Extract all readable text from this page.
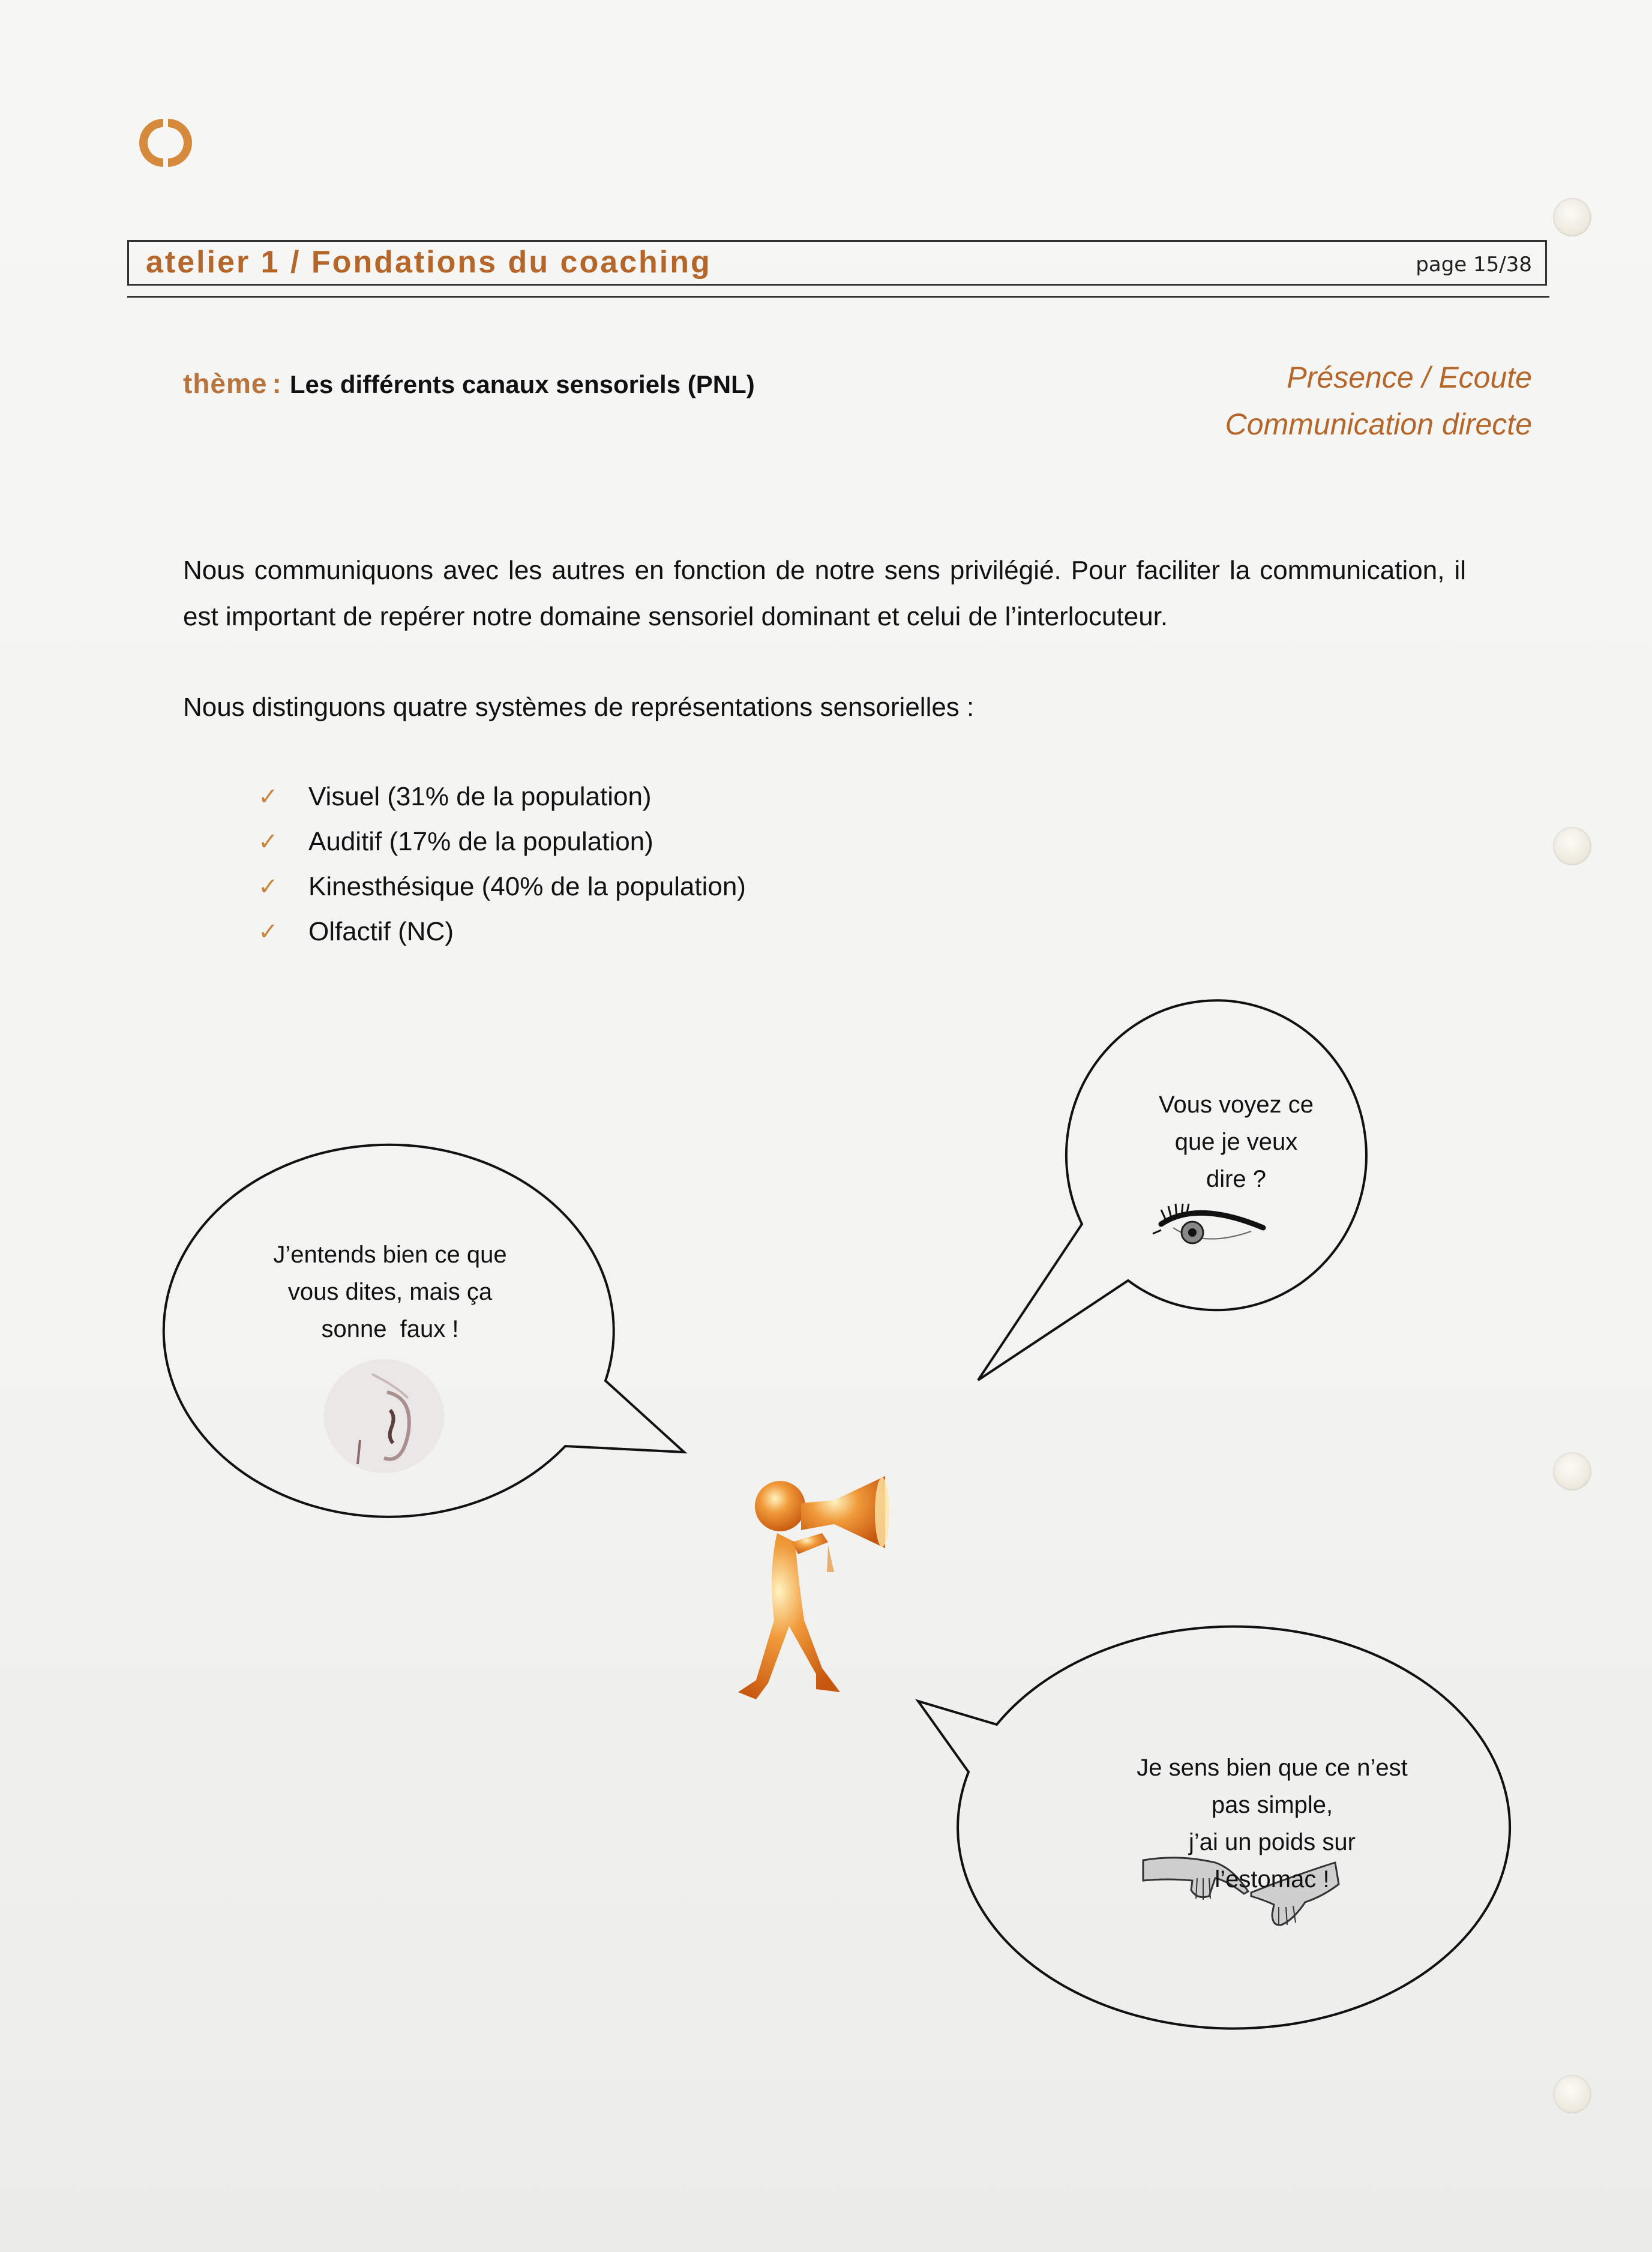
atelier 1 / Fondations du coaching	page 15/38
thème : Les différents canaux sensoriels (PNL)	Présence / Ecoute
Communication directe

Nous communiquons avec les autres en fonction de notre sens privilégié. Pour faciliter la communication, il est important de repérer notre domaine sensoriel dominant et celui de l’interlocuteur.

Nous distinguons quatre systèmes de représentations sensorielles :

✓	Visuel (31% de la population)
✓	Auditif (17% de la population)
✓	Kinesthésique (40% de la population)
✓	Olfactif (NC)
Vous voyez ce
que je veux
dire ?
J’entends bien ce que
vous dites, mais ça
sonne  faux !
Je sens bien que ce n’est
pas simple,
j’ai un poids sur
l’estomac !
